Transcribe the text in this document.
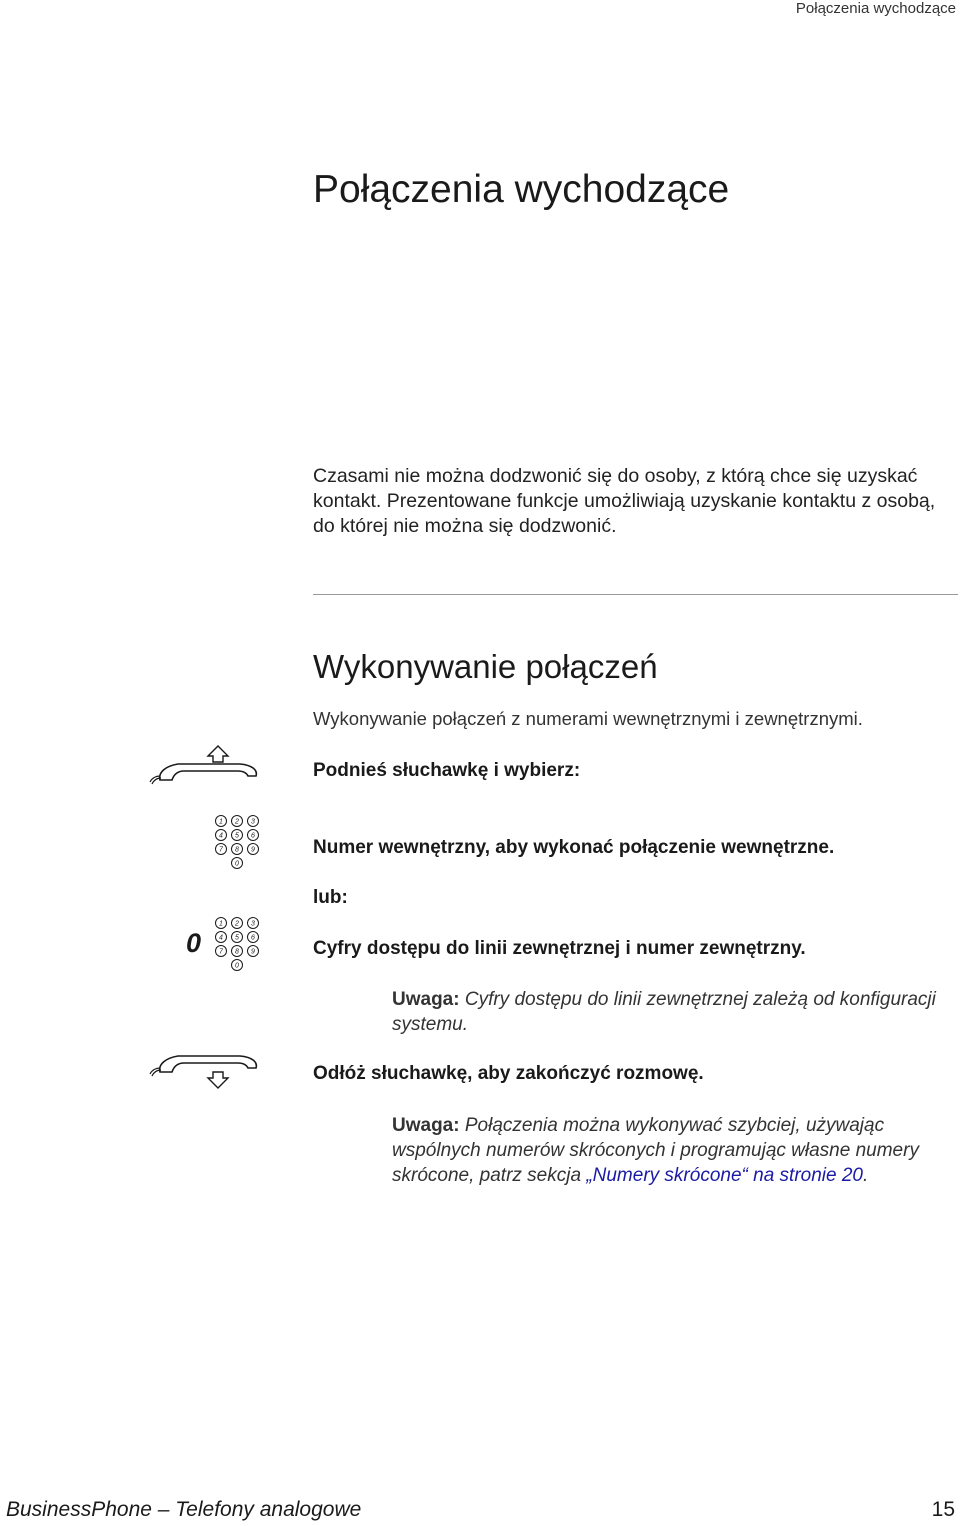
Połączenia wychodzące
Połączenia wychodzące

Czasami nie można dodzwonić się do osoby, z którą chce się uzyskać kontakt. Prezentowane funkcje umożliwiają uzyskanie kontaktu z osobą, do której nie można się dodzwonić.

Wykonywanie połączeń

Wykonywanie połączeń z numerami wewnętrznymi i zewnętrznymi.

Podnieś słuchawkę i wybierz:

1 2 3
4 5 6
7 8 9
0

Numer wewnętrzny, aby wykonać połączenie wewnętrzne.

lub:

0
1 2 3
4 5 6
7 8 9
0

Cyfry dostępu do linii zewnętrznej i numer zewnętrzny.

Uwaga: Cyfry dostępu do linii zewnętrznej zależą od konfiguracji systemu.

Odłóż słuchawkę, aby zakończyć rozmowę.

Uwaga: Połączenia można wykonywać szybciej, używając wspólnych numerów skróconych i programując własne numery skrócone, patrz sekcja „Numery skrócone“ na stronie 20.

BusinessPhone – Telefony analogowe	15
